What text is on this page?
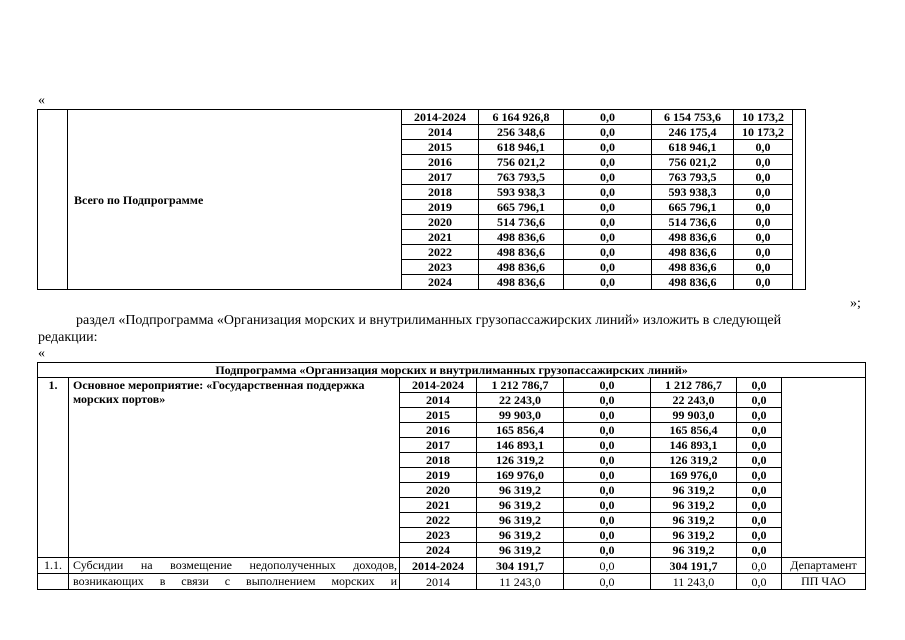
«
	Всего по Подпрограмме	2014-2024	6 164 926,8	0,0	6 154 753,6	10 173,2	
		2014	256 348,6	0,0	246 175,4	10 173,2	
		2015	618 946,1	0,0	618 946,1	0,0	
		2016	756 021,2	0,0	756 021,2	0,0	
		2017	763 793,5	0,0	763 793,5	0,0	
		2018	593 938,3	0,0	593 938,3	0,0	
		2019	665 796,1	0,0	665 796,1	0,0	
		2020	514 736,6	0,0	514 736,6	0,0	
		2021	498 836,6	0,0	498 836,6	0,0	
		2022	498 836,6	0,0	498 836,6	0,0	
		2023	498 836,6	0,0	498 836,6	0,0	
		2024	498 836,6	0,0	498 836,6	0,0	
»;
раздел «Подпрограмма «Организация морских и внутрилиманных грузопассажирских линий» изложить в следующей
редакции:
«
Подпрограмма «Организация морских и внутрилиманных грузопассажирских линий»							
1.	Основное мероприятие: «Государственная поддержка морских портов»	2014-2024	1 212 786,7	0,0	1 212 786,7	0,0	
		2014	22 243,0	0,0	22 243,0	0,0	
		2015	99 903,0	0,0	99 903,0	0,0	
		2016	165 856,4	0,0	165 856,4	0,0	
		2017	146 893,1	0,0	146 893,1	0,0	
		2018	126 319,2	0,0	126 319,2	0,0	
		2019	169 976,0	0,0	169 976,0	0,0	
		2020	96 319,2	0,0	96 319,2	0,0	
		2021	96 319,2	0,0	96 319,2	0,0	
		2022	96 319,2	0,0	96 319,2	0,0	
		2023	96 319,2	0,0	96 319,2	0,0	
		2024	96 319,2	0,0	96 319,2	0,0	
1.1.	Субсидии на возмещение недополученных доходов,	2014-2024	304 191,7	0,0	304 191,7	0,0	Департамент
	возникающих в связи с выполнением морских и	2014	11 243,0	0,0	11 243,0	0,0	ПП ЧАО
